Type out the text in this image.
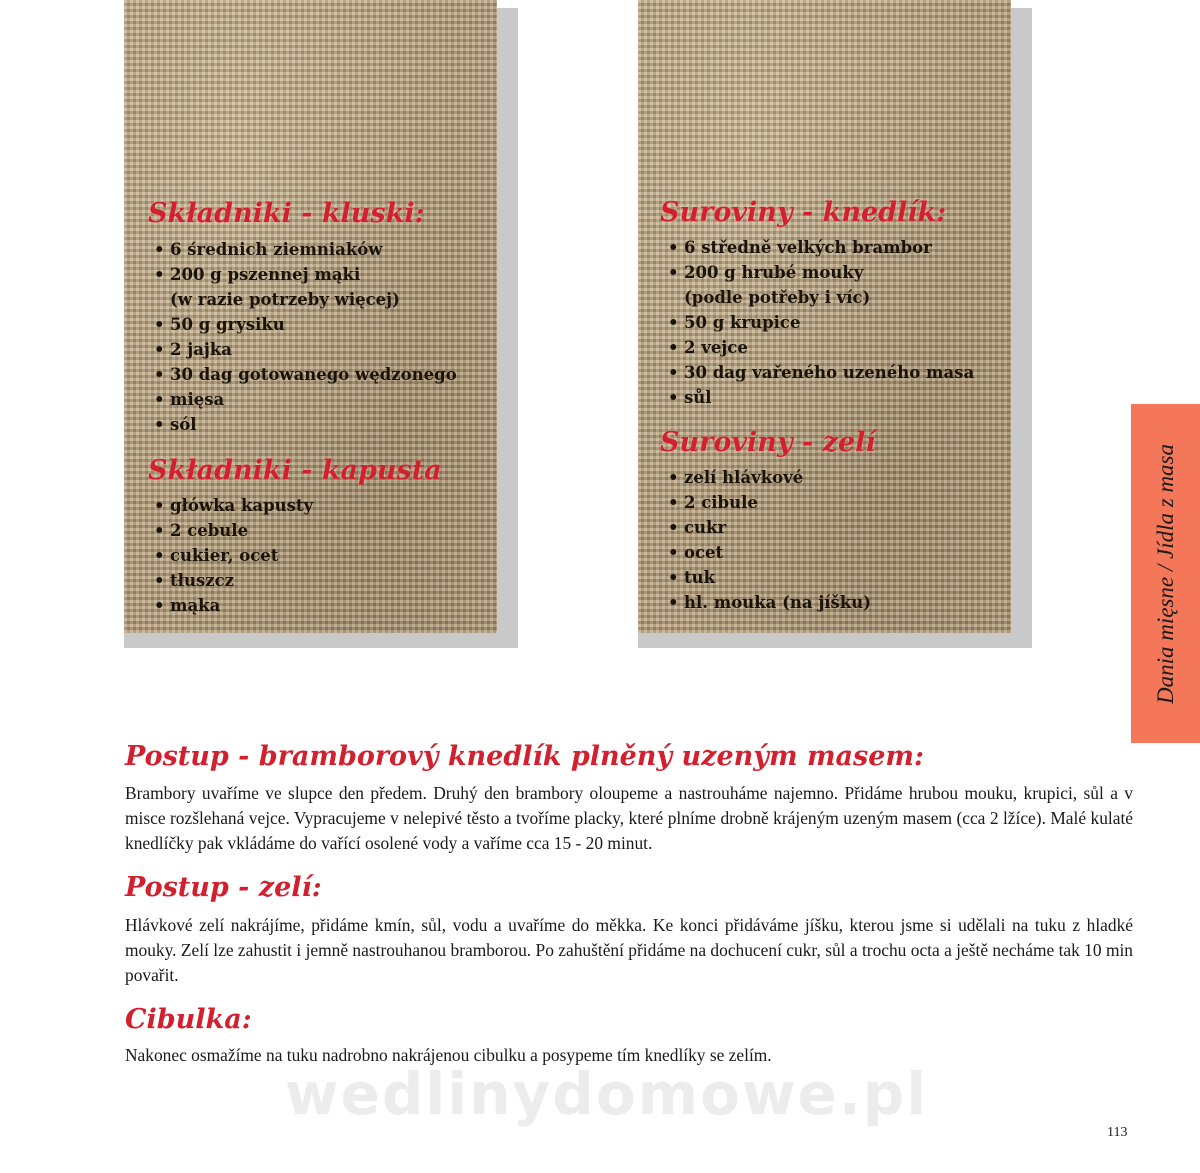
Składniki - kluski:
• 6 średnich ziemniaków
• 200 g pszennej mąki
(w razie potrzeby więcej)
• 50 g grysiku
• 2 jajka
• 30 dag gotowanego wędzonego
• mięsa
• sól
Składniki - kapusta
• główka kapusty
• 2 cebule
• cukier, ocet
• tłuszcz
• mąka
Suroviny - knedlík:
• 6 středně velkých brambor
• 200 g hrubé mouky
(podle potřeby i víc)
• 50 g krupice
• 2 vejce
• 30 dag vařeného uzeného masa
• sůl
Suroviny - zelí
• zelí hlávkové
• 2 cibule
• cukr
• ocet
• tuk
• hl. mouka (na jíšku)	Dania mięsne / Jídla z masa
Postup - bramborový knedlík plněný uzeným masem:

Brambory uvaříme ve slupce den předem. Druhý den brambory oloupeme a nastrouháme najemno. Přidáme hrubou mouku, krupici, sůl a v misce rozšlehaná vejce. Vypracujeme v nelepivé těsto a tvoříme placky, které plníme drobně krájeným uzeným masem (cca 2 lžíce). Malé kulaté knedlíčky pak vkládáme do vařící osolené vody a vaříme cca 15 - 20 minut.

Postup - zelí:

Hlávkové zelí nakrájíme, přidáme kmín, sůl, vodu a uvaříme do měkka. Ke konci přidáváme jíšku, kterou jsme si udělali na tuku z hladké mouky. Zelí lze zahustit i jemně nastrouhanou bramborou. Po zahuštění přidáme na dochucení cukr, sůl a trochu octa a ještě necháme tak 10 min povařit.

Cibulka:

Nakonec osmažíme na tuku nadrobno nakrájenou cibulku a posypeme tím knedlíky se zelím.

wedlinydomowe.pl
113
